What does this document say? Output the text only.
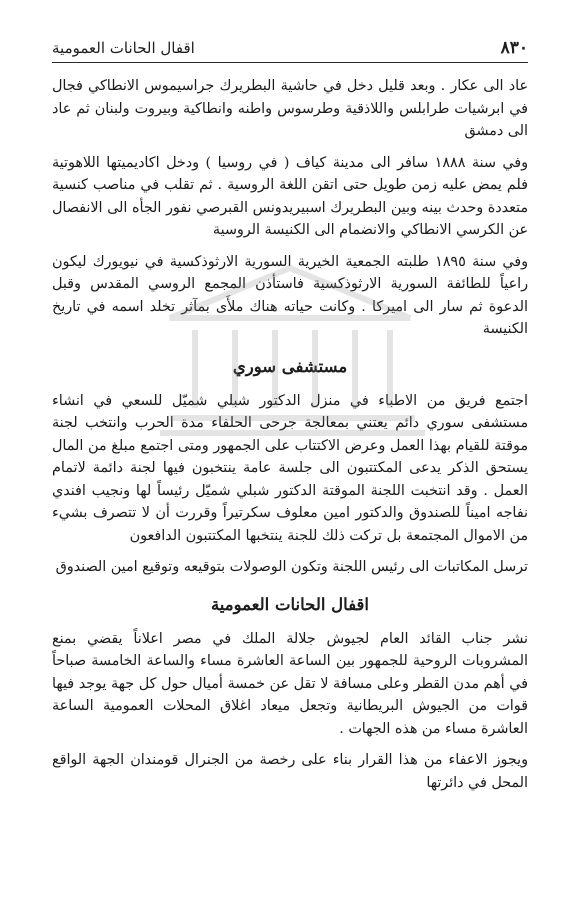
٨٣٠
اقفال الحانات العمومية

عاد الى عكار . وبعد قليل دخل في حاشية البطريرك جراسيموس الانطاكي فجال في ابرشيات طرابلس واللاذقية وطرسوس واطنه وانطاكية وبيروت ولبنان ثم عاد الى دمشق

وفي سنة ١٨٨٨ سافر الى مدينة كياف ( في روسيا ) ودخل اكاديميتها اللاهوتية فلم يمض عليه زمن طويل حتى اتقن اللغة الروسية . ثم تقلب في مناصب كنسية متعددة وحدث بينه وبين البطريرك اسبيريدونس القبرصي نفور الجأه الى الانفصال عن الكرسي الانطاكي والانضمام الى الكنيسة الروسية

وفي سنة ١٨٩٥ طلبته الجمعية الخيرية السورية الارثوذكسية في نيويورك ليكون راعياً للطائفة السورية الارثوذكسية فاستأذن المجمع الروسي المقدس وقبل الدعوة ثم سار الى اميركا . وكانت حياته هناك ملأَى بمآثر تخلد اسمه في تاريخ الكنيسة

مستشفى سوري

اجتمع فريق من الاطباء في منزل الدكتور شبلي شميّل للسعي في انشاء مستشفى سوري دائم يعتني بمعالجة جرحى الحلفاء مدة الحرب وانتخب لجنة موقتة للقيام بهذا العمل وعرض الاكتتاب على الجمهور ومتى اجتمع مبلغ من المال يستحق الذكر يدعى المكتتبون الى جلسة عامة ينتخبون فيها لجنة دائمة لاتمام العمل . وقد انتخبت اللجنة الموقتة الدكتور شبلي شميّل رئيساً لها ونجيب افندي نفاجه اميناً للصندوق والدكتور امين معلوف سكرتيراً وقررت أن لا تتصرف بشيء من الاموال المجتمعة بل تركت ذلك للجنة ينتخبها المكتتبون الدافعون

ترسل المكاتبات الى رئيس اللجنة وتكون الوصولات بتوقيعه وتوقيع امين الصندوق

اقفال الحانات العمومية

نشر جناب القائد العام لجيوش جلالة الملك في مصر اعلاناً يقضي بمنع المشروبات الروحية للجمهور بين الساعة العاشرة مساء والساعة الخامسة صباحاً في أهم مدن القطر وعلى مسافة لا تقل عن خمسة أميال حول كل جهة يوجد فيها قوات من الجيوش البريطانية وتجعل ميعاد اغلاق المحلات العمومية الساعة العاشرة مساء من هذه الجهات .

ويجوز الاعفاء من هذا القرار بناء على رخصة من الجنرال قومندان الجهة الواقع المحل في دائرتها
